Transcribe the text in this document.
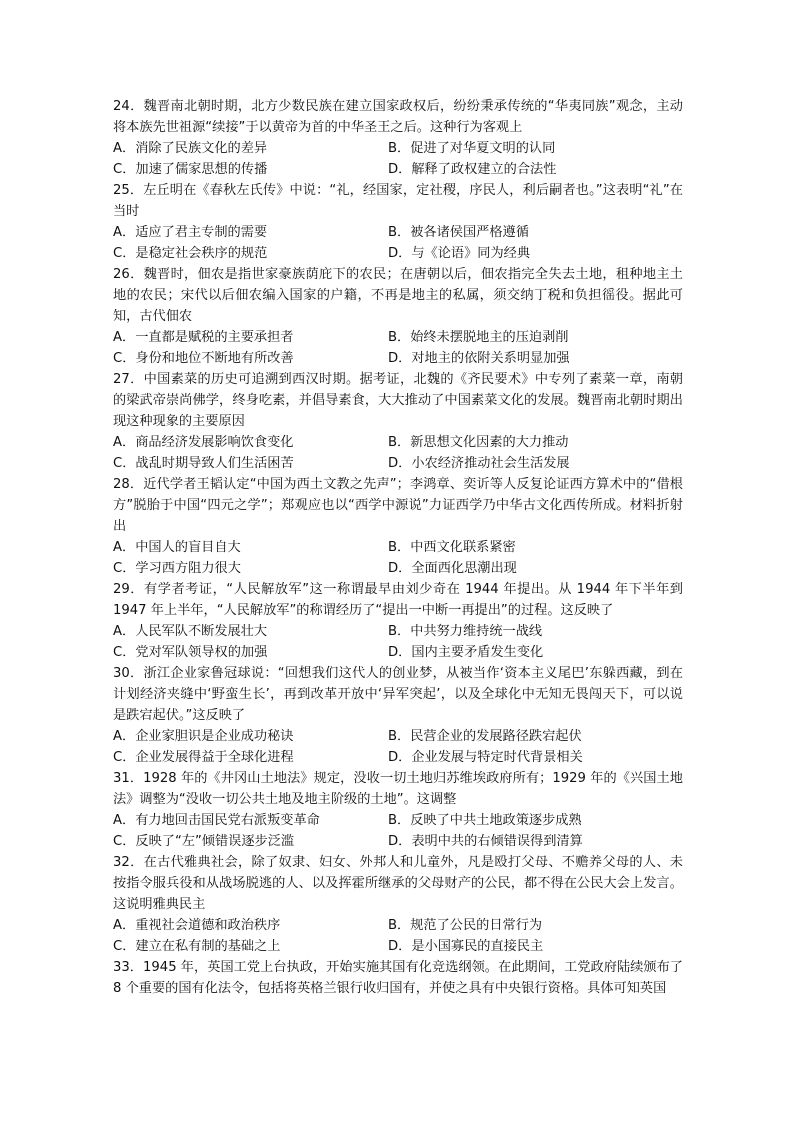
24．魏晋南北朝时期，北方少数民族在建立国家政权后，纷纷秉承传统的“华夷同族”观念，主动将本族先世祖源“续接”于以黄帝为首的中华圣王之后。这种行为客观上

A．消除了民族文化的差异	B．促进了对华夏文明的认同
C．加速了儒家思想的传播	D．解释了政权建立的合法性

25．左丘明在《春秋左氏传》中说：“礼，经国家，定社稷，序民人，利后嗣者也。”这表明“礼”在当时

A．适应了君主专制的需要	B．被各诸侯国严格遵循
C．是稳定社会秩序的规范	D．与《论语》同为经典

26．魏晋时，佃农是指世家豪族荫庇下的农民；在唐朝以后，佃农指完全失去土地，租种地主土地的农民；宋代以后佃农编入国家的户籍，不再是地主的私属，须交纳丁税和负担徭役。据此可知，古代佃农

A．一直都是赋税的主要承担者	B．始终未摆脱地主的压迫剥削
C．身份和地位不断地有所改善	D．对地主的依附关系明显加强

27．中国素菜的历史可追溯到西汉时期。据考证，北魏的《齐民要术》中专列了素菜一章，南朝的梁武帝崇尚佛学，终身吃素，并倡导素食，大大推动了中国素菜文化的发展。魏晋南北朝时期出现这种现象的主要原因

A．商品经济发展影响饮食变化	B．新思想文化因素的大力推动
C．战乱时期导致人们生活困苦	D．小农经济推动社会生活发展

28．近代学者王韬认定“中国为西土文教之先声”；李鸿章、奕䜣等人反复论证西方算术中的“借根方”脱胎于中国“四元之学”；郑观应也以“西学中源说”力证西学乃中华古文化西传所成。材料折射出

A．中国人的盲目自大	B．中西文化联系紧密
C．学习西方阻力很大	D．全面西化思潮出现

29．有学者考证，“人民解放军”这一称谓最早由刘少奇在 1944 年提出。从 1944 年下半年到 1947 年上半年，“人民解放军”的称谓经历了“提出一中断一再提出”的过程。这反映了

A．人民军队不断发展壮大	B．中共努力维持统一战线
C．党对军队领导权的加强	D．国内主要矛盾发生变化

30．浙江企业家鲁冠球说：“回想我们这代人的创业梦，从被当作‘资本主义尾巴’东躲西藏，到在计划经济夹缝中‘野蛮生长’，再到改革开放中‘异军突起’，以及全球化中无知无畏闯天下，可以说是跌宕起伏。”这反映了

A．企业家胆识是企业成功秘诀	B．民营企业的发展路径跌宕起伏
C．企业发展得益于全球化进程	D．企业发展与特定时代背景相关

31．1928 年的《井冈山土地法》规定，没收一切土地归苏维埃政府所有；1929 年的《兴国土地法》调整为“没收一切公共土地及地主阶级的土地”。这调整

A．有力地回击国民党右派叛变革命	B．反映了中共土地政策逐步成熟
C．反映了“左”倾错误逐步泛滥	D．表明中共的右倾错误得到清算

32．在古代雅典社会，除了奴隶、妇女、外邦人和儿童外，凡是殴打父母、不赡养父母的人、未按指令服兵役和从战场脱逃的人、以及挥霍所继承的父母财产的公民，都不得在公民大会上发言。这说明雅典民主

A．重视社会道德和政治秩序	B．规范了公民的日常行为
C．建立在私有制的基础之上	D．是小国寡民的直接民主

33．1945 年，英国工党上台执政，开始实施其国有化竞选纲领。在此期间，工党政府陆续颁布了 8 个重要的国有化法令，包括将英格兰银行收归国有，并使之具有中央银行资格。具体可知英国
